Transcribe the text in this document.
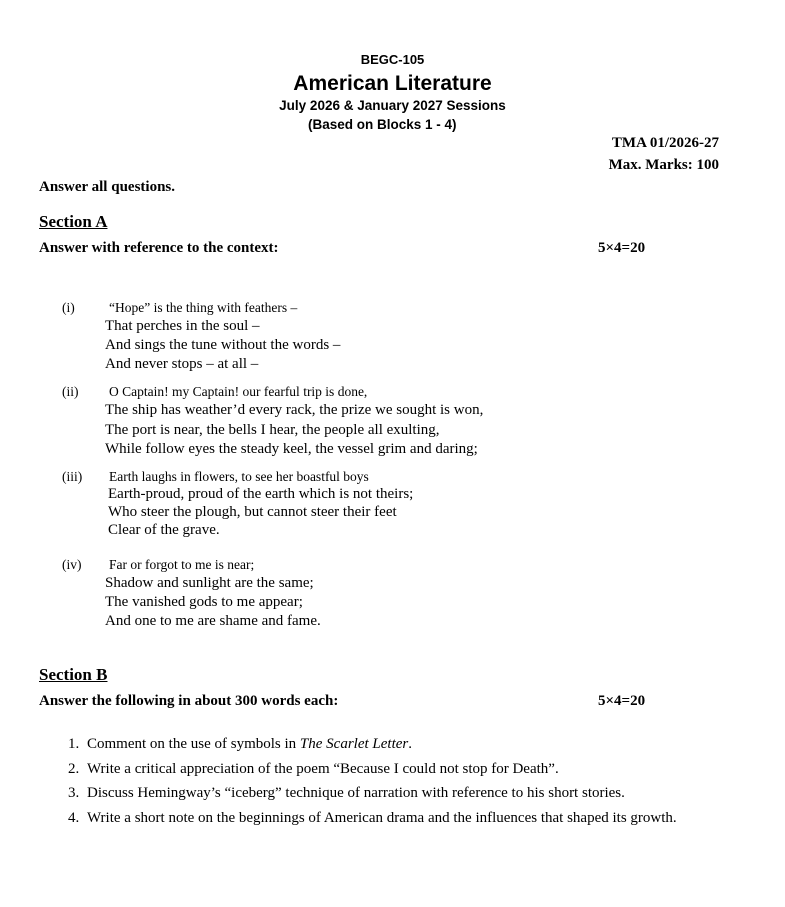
BEGC-105
American Literature
July 2026 & January 2027 Sessions
(Based on Blocks 1 - 4)
TMA 01/2026-27
Max. Marks: 100
Answer all questions.
Section A
Answer with reference to the context:	5×4=20
(i)	“Hope” is the thing with feathers –
That perches in the soul –
And sings the tune without the words –
And never stops – at all –
(ii) O Captain! my Captain! our fearful trip is done,
The ship has weather’d every rack, the prize we sought is won,
The port is near, the bells I hear, the people all exulting,
While follow eyes the steady keel, the vessel grim and daring;
(iii) Earth laughs in flowers, to see her boastful boys
Earth-proud, proud of the earth which is not theirs;
Who steer the plough, but cannot steer their feet
Clear of the grave.
(iv) Far or forgot to me is near;
Shadow and sunlight are the same;
The vanished gods to me appear;
And one to me are shame and fame.
Section B
Answer the following in about 300 words each:	5×4=20
1. Comment on the use of symbols in The Scarlet Letter.
2. Write a critical appreciation of the poem “Because I could not stop for Death”.
3. Discuss Hemingway’s “iceberg” technique of narration with reference to his short stories.
4. Write a short note on the beginnings of American drama and the influences that shaped its growth.
